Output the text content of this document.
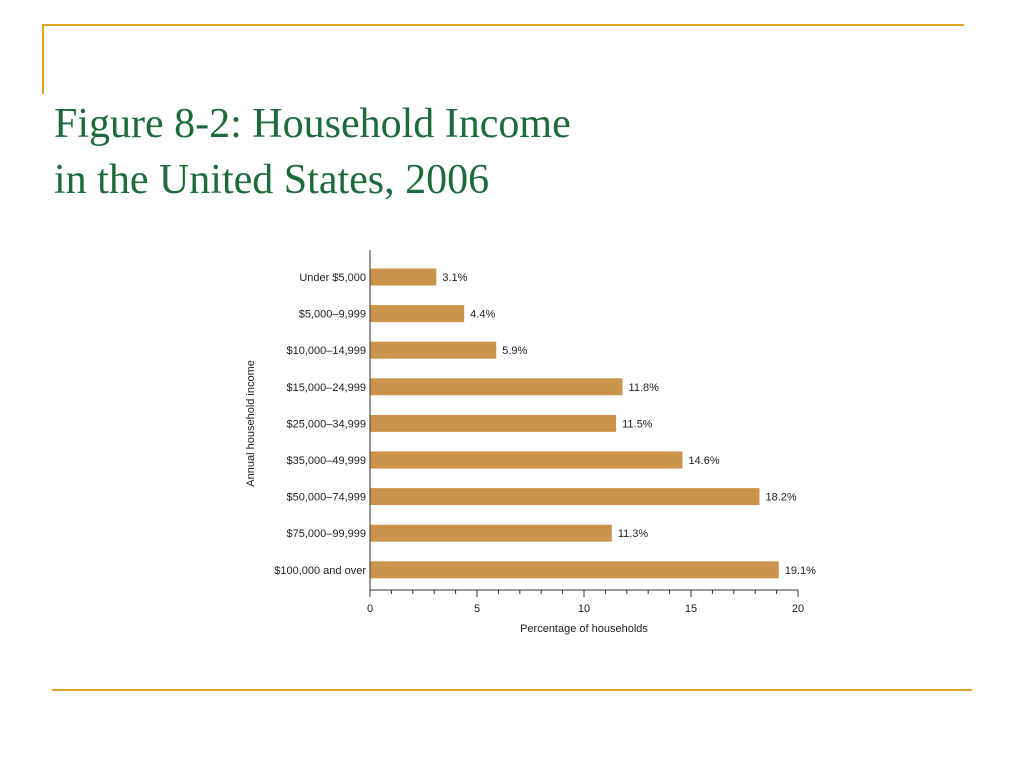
Figure 8-2: Household Income
in the United States, 2006
3.1%
Under $5,000
4.4%
$5,000–9,999
5.9%
$10,000–14,999
11.8%
$15,000–24,999
11.5%
$25,000–34,999
14.6%
$35,000–49,999
18.2%
$50,000–74,999
11.3%
$75,000–99,999
19.1%
$100,000 and over
0	5	10	15	20
Percentage of households
Annual household income
